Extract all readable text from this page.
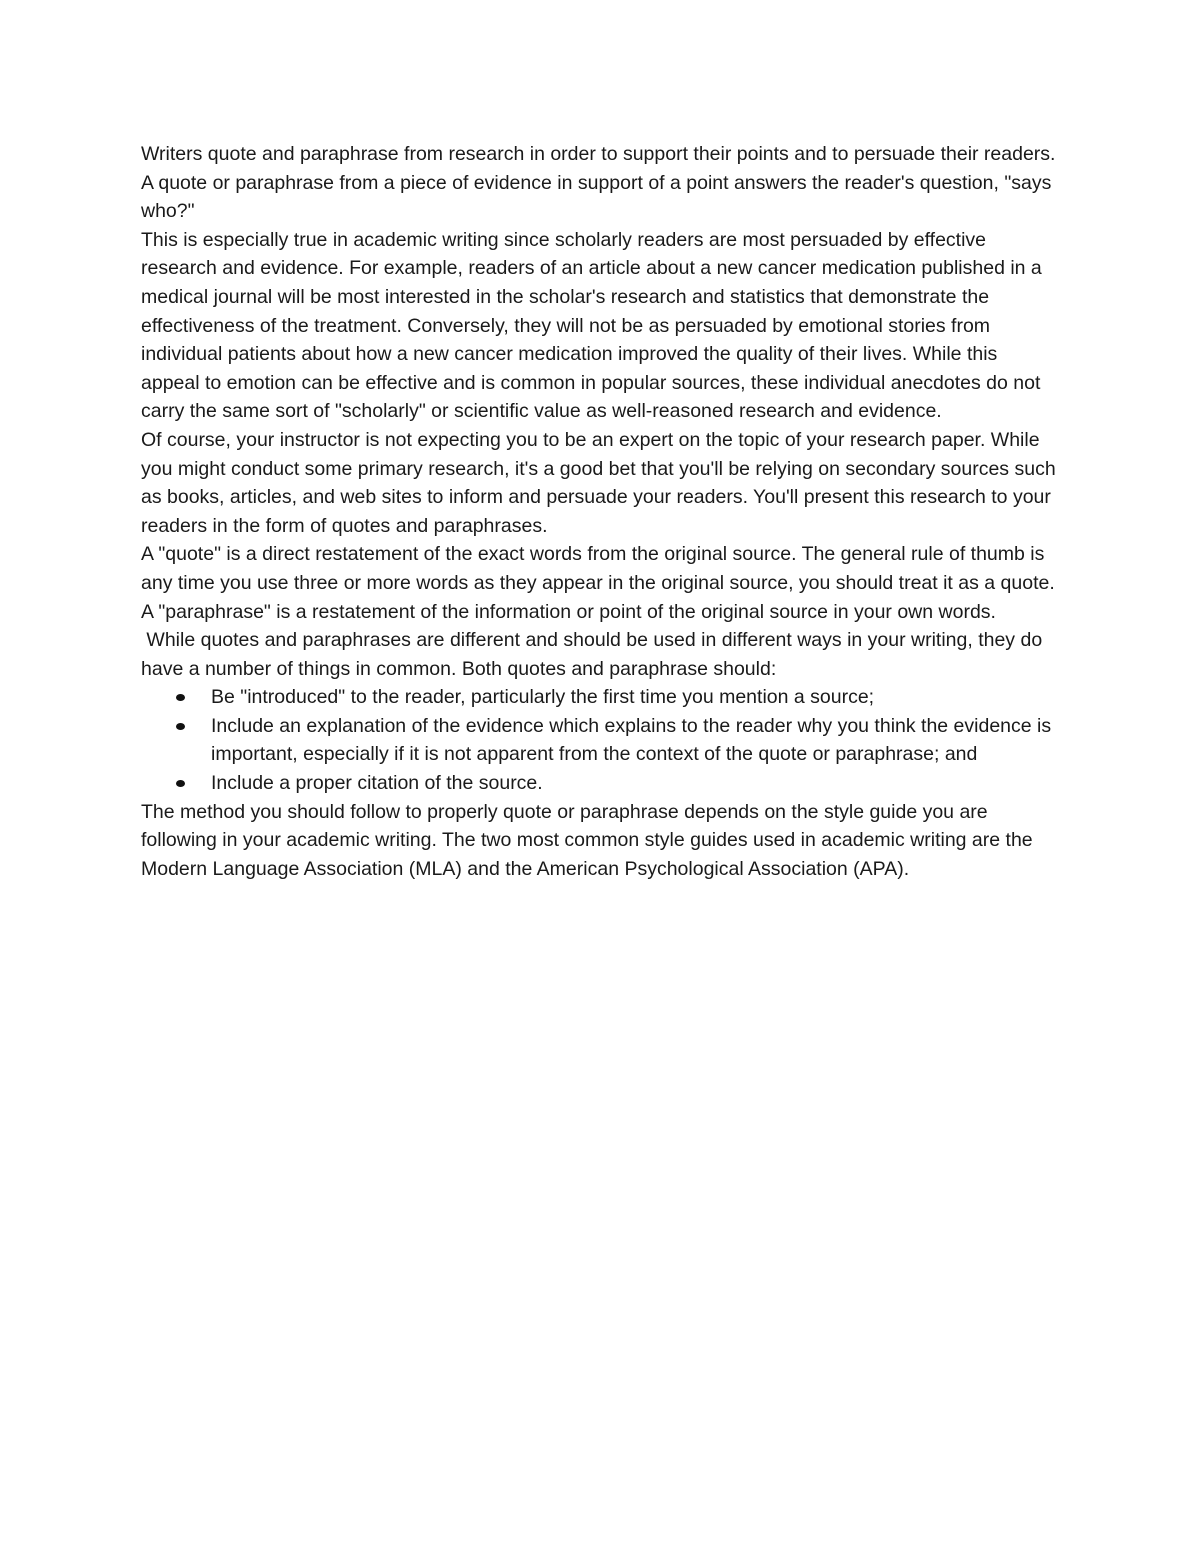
Writers quote and paraphrase from research in order to support their points and to persuade their readers. A quote or paraphrase from a piece of evidence in support of a point answers the reader's question, "says who?"

This is especially true in academic writing since scholarly readers are most persuaded by effective research and evidence. For example, readers of an article about a new cancer medication published in a medical journal will be most interested in the scholar's research and statistics that demonstrate the effectiveness of the treatment. Conversely, they will not be as persuaded by emotional stories from individual patients about how a new cancer medication improved the quality of their lives. While this appeal to emotion can be effective and is common in popular sources, these individual anecdotes do not carry the same sort of "scholarly" or scientific value as well-reasoned research and evidence.

Of course, your instructor is not expecting you to be an expert on the topic of your research paper. While you might conduct some primary research, it's a good bet that you'll be relying on secondary sources such as books, articles, and web sites to inform and persuade your readers. You'll present this research to your readers in the form of quotes and paraphrases.

A "quote" is a direct restatement of the exact words from the original source. The general rule of thumb is any time you use three or more words as they appear in the original source, you should treat it as a quote. A "paraphrase" is a restatement of the information or point of the original source in your own words.

While quotes and paraphrases are different and should be used in different ways in your writing, they do have a number of things in common. Both quotes and paraphrase should:

Be "introduced" to the reader, particularly the first time you mention a source;
Include an explanation of the evidence which explains to the reader why you think the evidence is important, especially if it is not apparent from the context of the quote or paraphrase; and
Include a proper citation of the source.

The method you should follow to properly quote or paraphrase depends on the style guide you are following in your academic writing. The two most common style guides used in academic writing are the Modern Language Association (MLA) and the American Psychological Association (APA).
